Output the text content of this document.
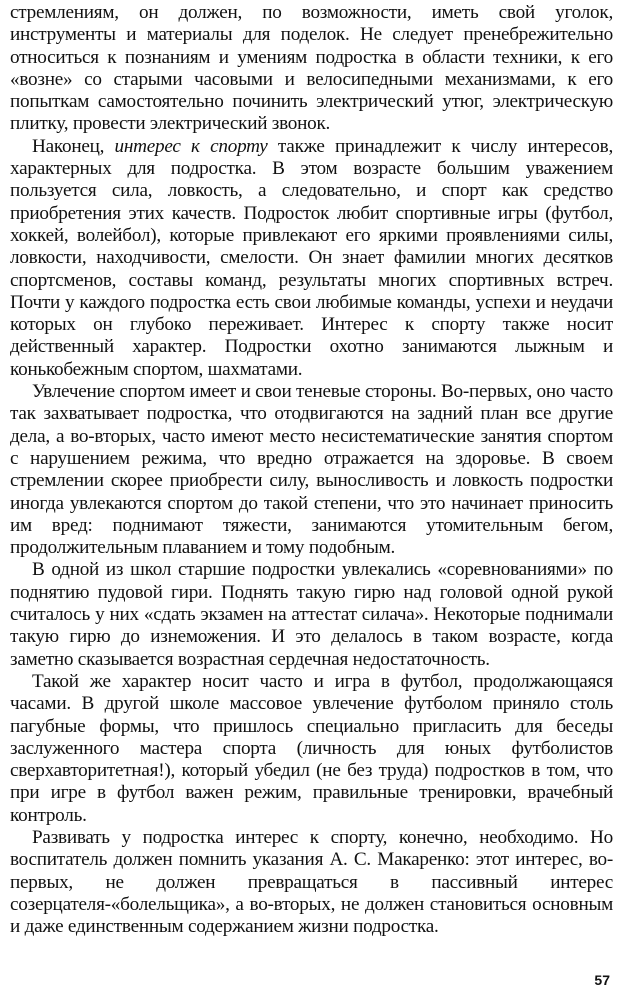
стремлениям, он должен, по возможности, иметь свой уголок, инструменты и материалы для поделок. Не следует пренебрежительно относиться к познаниям и умениям подростка в области техники, к его «возне» со старыми часовыми и велосипедными механизмами, к его попыткам самостоятельно починить электрический утюг, электрическую плитку, провести электрический звонок.

Наконец, интерес к спорту также принадлежит к числу интересов, характерных для подростка. В этом возрасте большим уважением пользуется сила, ловкость, а следовательно, и спорт как средство приобретения этих качеств. Подросток любит спортивные игры (футбол, хоккей, волейбол), которые привлекают его яркими проявлениями силы, ловкости, находчивости, смелости. Он знает фамилии многих десятков спортсменов, составы команд, результаты многих спортивных встреч. Почти у каждого подростка есть свои любимые команды, успехи и неудачи которых он глубоко переживает. Интерес к спорту также носит действенный характер. Подростки охотно занимаются лыжным и конькобежным спортом, шахматами.

Увлечение спортом имеет и свои теневые стороны. Во-первых, оно часто так захватывает подростка, что отодвигаются на задний план все другие дела, а во-вторых, часто имеют место несистематические занятия спортом с нарушением режима, что вредно отражается на здоровье. В своем стремлении скорее приобрести силу, выносливость и ловкость подростки иногда увлекаются спортом до такой степени, что это начинает приносить им вред: поднимают тяжести, занимаются утомительным бегом, продолжительным плаванием и тому подобным.

В одной из школ старшие подростки увлекались «соревнованиями» по поднятию пудовой гири. Поднять такую гирю над головой одной рукой считалось у них «сдать экзамен на аттестат силача». Некоторые поднимали такую гирю до изнеможения. И это делалось в таком возрасте, когда заметно сказывается возрастная сердечная недостаточность.

Такой же характер носит часто и игра в футбол, продолжающаяся часами. В другой школе массовое увлечение футболом приняло столь пагубные формы, что пришлось специально пригласить для беседы заслуженного мастера спорта (личность для юных футболистов сверхавторитетная!), который убедил (не без труда) подростков в том, что при игре в футбол важен режим, правильные тренировки, врачебный контроль.

Развивать у подростка интерес к спорту, конечно, необходимо. Но воспитатель должен помнить указания А. С. Макаренко: этот интерес, во-первых, не должен превращаться в пассивный интерес созерцателя-«болельщика», а во-вторых, не должен становиться основным и даже единственным содержанием жизни подростка.

57
